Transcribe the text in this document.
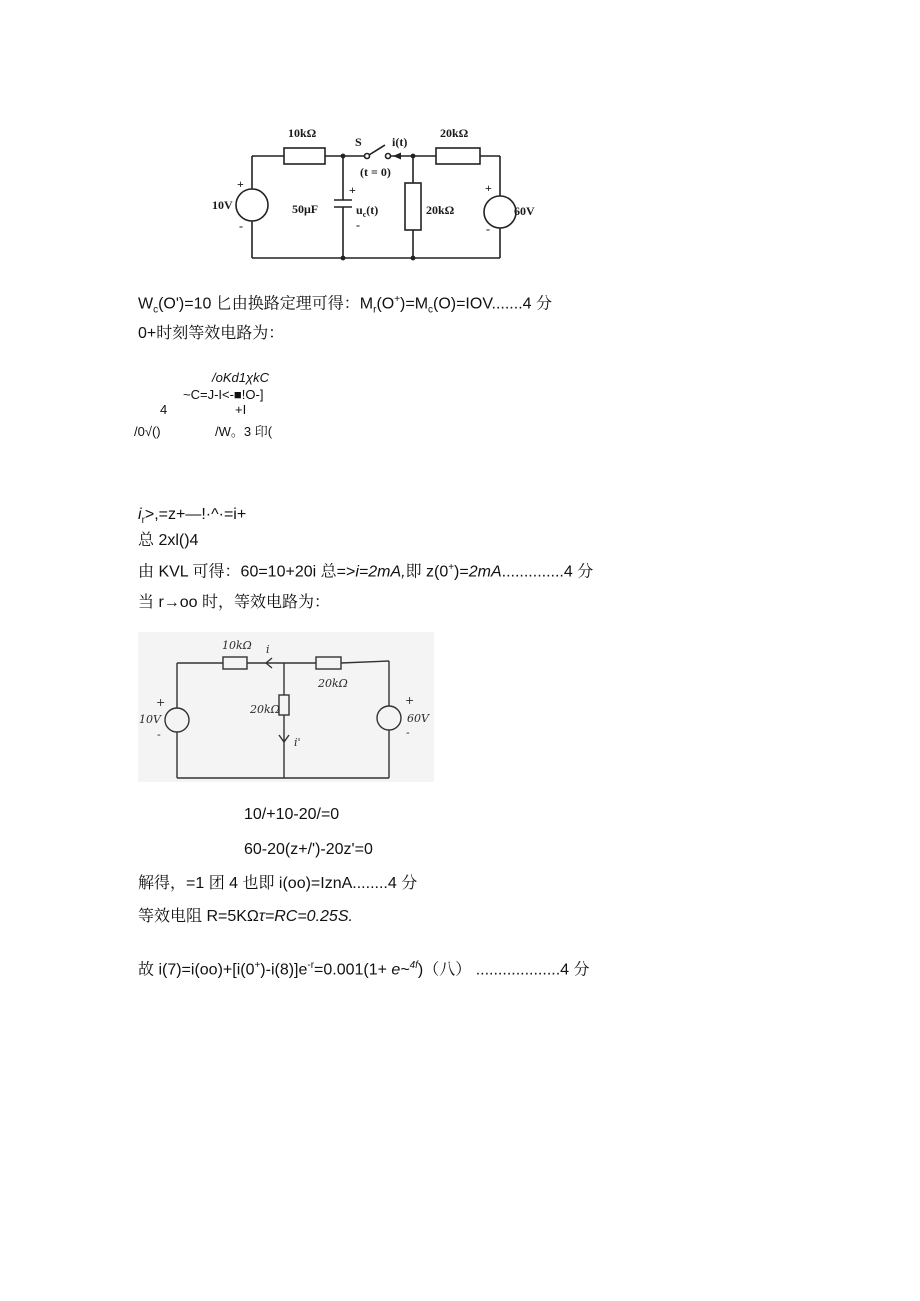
10kΩ
S	i(t)
(t = 0)
20kΩ
20kΩ
50μF
+
$u_c(t)$
-
+
10V
-
+
60V
-
$W_c(O')=10$ 匕由换路定理可得：$M_r(O^+)=M_c(O)=IOV.......4$ 分
0+时刻等效电路为：
/oKd1χkC
~C=J-I<-■!O-]
4	+I
/0√()	/W。3 印(
$i_r>,=z+—!\cdot\^{}\cdot=i+$
总 2xl()4
由 KVL 可得：60=10+20i 总=>i=2mA,即 z(0+)=2mA..............4 分
当 r→oo 时，等效电路为：
10kΩ i
20kΩ
20kΩ
i'
+
10V
-
+
60V
-
10/+10-20/=0
60-20(z+/')-20z'=0
解得，=1 团 4 也即 i(oo)=IznA........4 分
等效电阻 R=5KΩτ=RC=0.25S.
故 $i(7)=i(oo)+[i(0^+)-i(8)]e^{-r}=0.001(1+$ e~$^{4f}$)（八） ...................4 分
